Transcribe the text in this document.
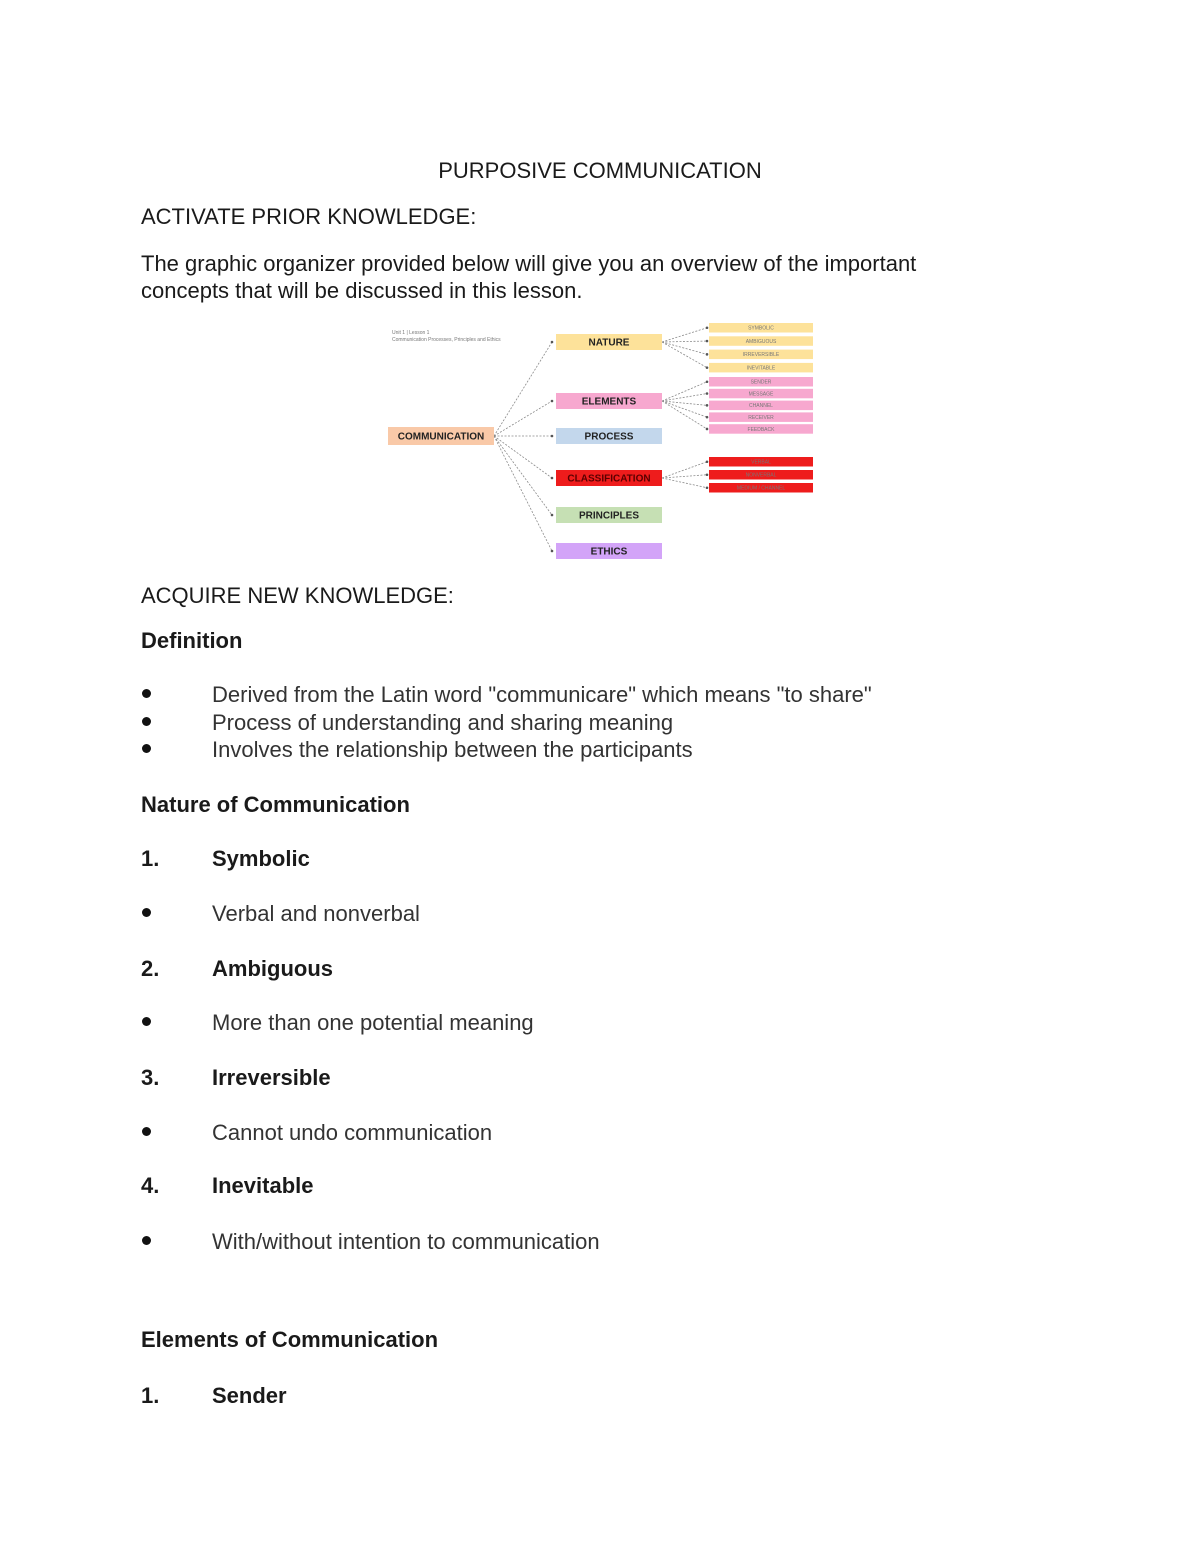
PURPOSIVE COMMUNICATION
ACTIVATE PRIOR KNOWLEDGE:
The graphic organizer provided below will give you an overview of the important
concepts that will be discussed in this lesson.
Unit 1 | Lesson 1
Communication Processes, Principles and Ethics
COMMUNICATION
NATURE
ELEMENTS
PROCESS
CLASSIFICATION
PRINCIPLES
ETHICS
SYMBOLIC
AMBIGUOUS
IRREVERSIBLE
INEVITABLE
SENDER
MESSAGE
CHANNEL
RECEIVER
FEEDBACK
VERBAL
NONVERBAL
MEDIUM / CHANNEL
ACQUIRE NEW KNOWLEDGE:
Definition
Derived from the Latin word "communicare" which means "to share"
Process of understanding and sharing meaning
Involves the relationship between the participants
Nature of Communication
1. Symbolic
Verbal and nonverbal
2. Ambiguous
More than one potential meaning
3. Irreversible
Cannot undo communication
4. Inevitable
With/without intention to communication
Elements of Communication
1. Sender
